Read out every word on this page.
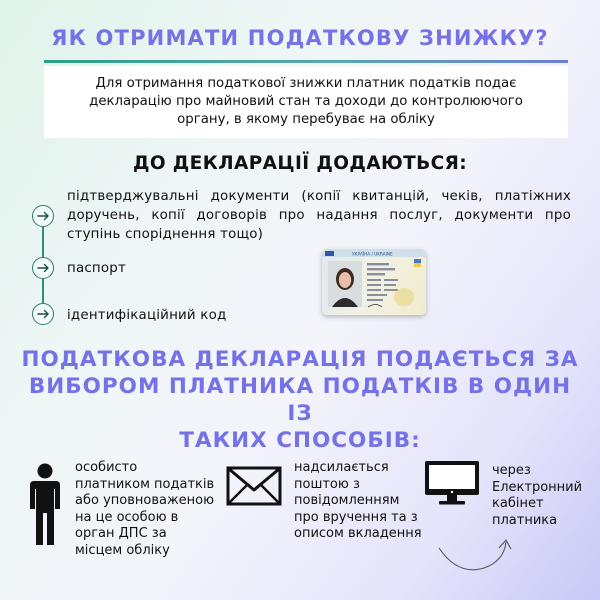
ЯК ОТРИМАТИ ПОДАТКОВУ ЗНИЖКУ?
Для отримання податкової знижки платник податків подає
декларацію про майновий стан та доходи до контролюючого
органу, в якому перебуває на обліку
ДО ДЕКЛАРАЦІЇ ДОДАЮТЬСЯ:
підтверджувальні документи (копії квитанцій, чеків, платіжних
доручень, копії договорів про надання послуг, документи про
ступінь споріднення тощо)
паспорт
ідентифікаційний код
УКРАЇНА / UKRAINE
ПОДАТКОВА ДЕКЛАРАЦІЯ ПОДАЄТЬСЯ ЗА
ВИБОРОМ ПЛАТНИКА ПОДАТКІВ В ОДИН ІЗ
ТАКИХ СПОСОБІВ:
особисто
платником податків
або уповноваженою
на це особою в
орган ДПС за
місцем обліку
надсилається
поштою з
повідомленням
про вручення та з
описом вкладення
через
Електронний
кабінет
платника
